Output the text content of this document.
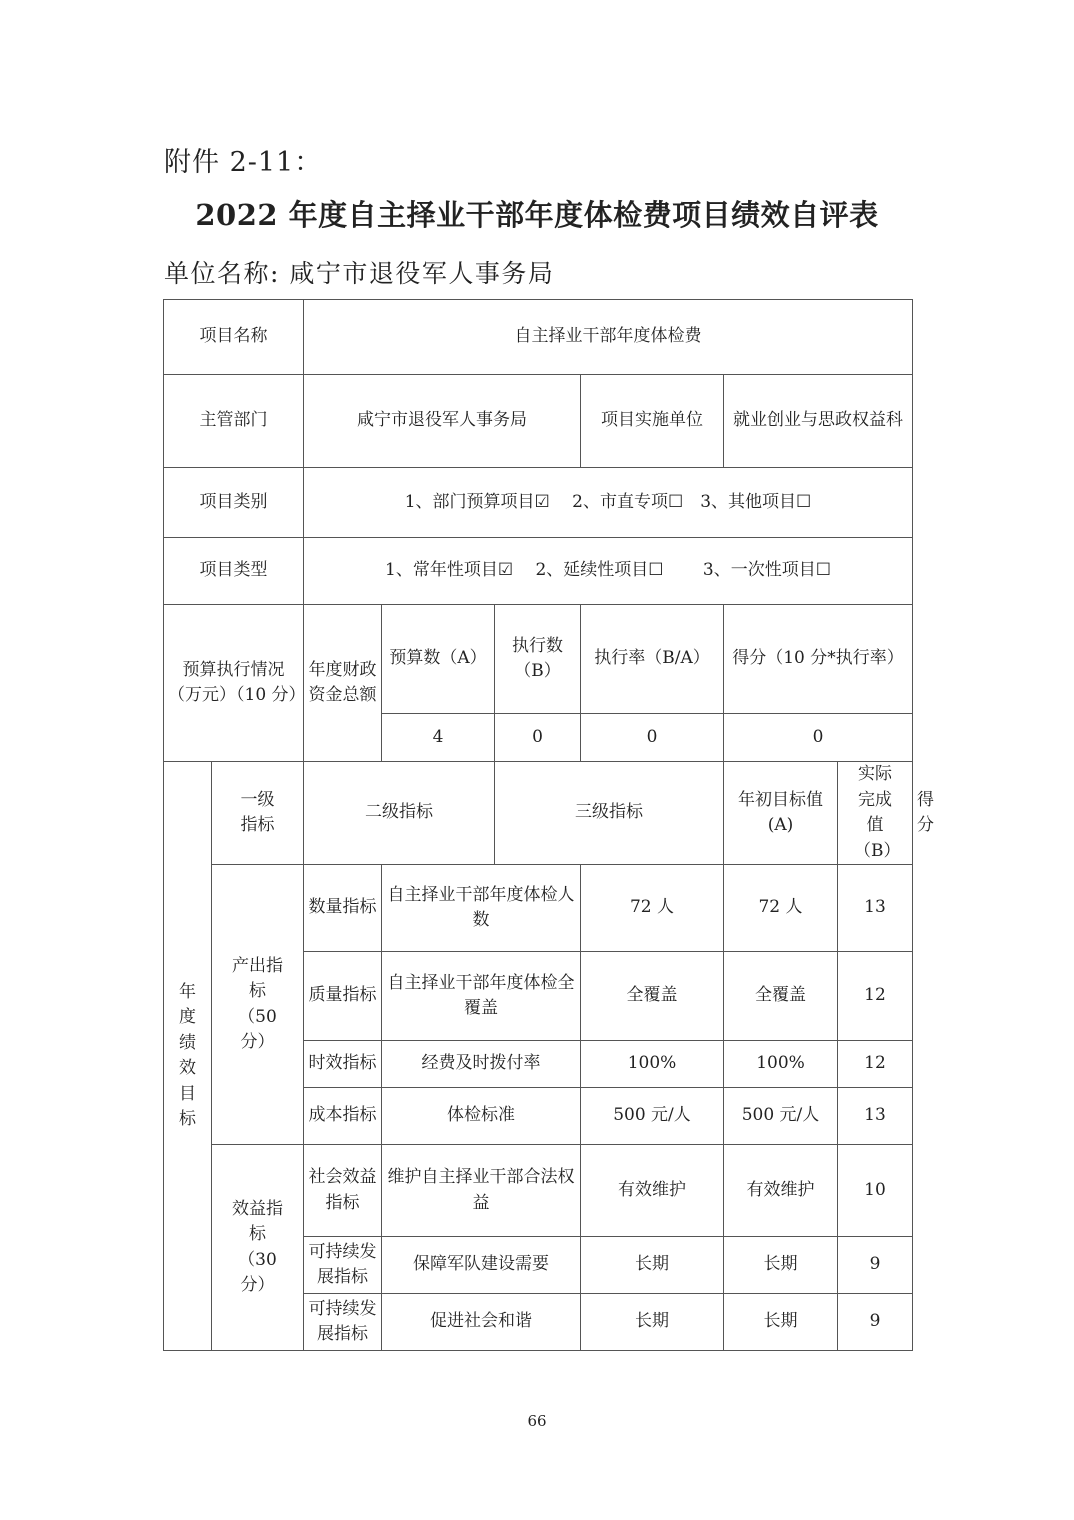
附件 2-11：
2022 年度自主择业干部年度体检费项目绩效自评表
单位名称: 咸宁市退役军人事务局
项目名称		自主择业干部年度体检费						
主管部门		咸宁市退役军人事务局			项目实施单位	就业创业与思政权益科		
项目类别		1、部门预算项目☑　 2、市直专项☐　3、其他项目☐						
项目类型		1、常年性项目☑　 2、延续性项目☐　　 3、一次性项目☐						
预算执行情况（万元）（10 分）		年度财政资金总额	预算数（A）	执行数（B）	执行率（B/A）	得分（10 分*执行率）		
			4	0	0	0		
年度绩效目标	一级指标	二级指标		三级指标		年初目标值(A)	实际完成值（B）	得分
	产出指标（50 分）	数量指标	自主择业干部年度体检人数		72 人	72 人	13	
		质量指标	自主择业干部年度体检全覆盖		全覆盖	全覆盖	12	
		时效指标	经费及时拨付率		100%	100%	12	
		成本指标	体检标准		500 元/人	500 元/人	13	
	效益指标（30 分）	社会效益指标	维护自主择业干部合法权益		有效维护	有效维护	10	
		可持续发展指标	保障军队建设需要		长期	长期	9	
		可持续发展指标	促进社会和谐		长期	长期	9	
66
